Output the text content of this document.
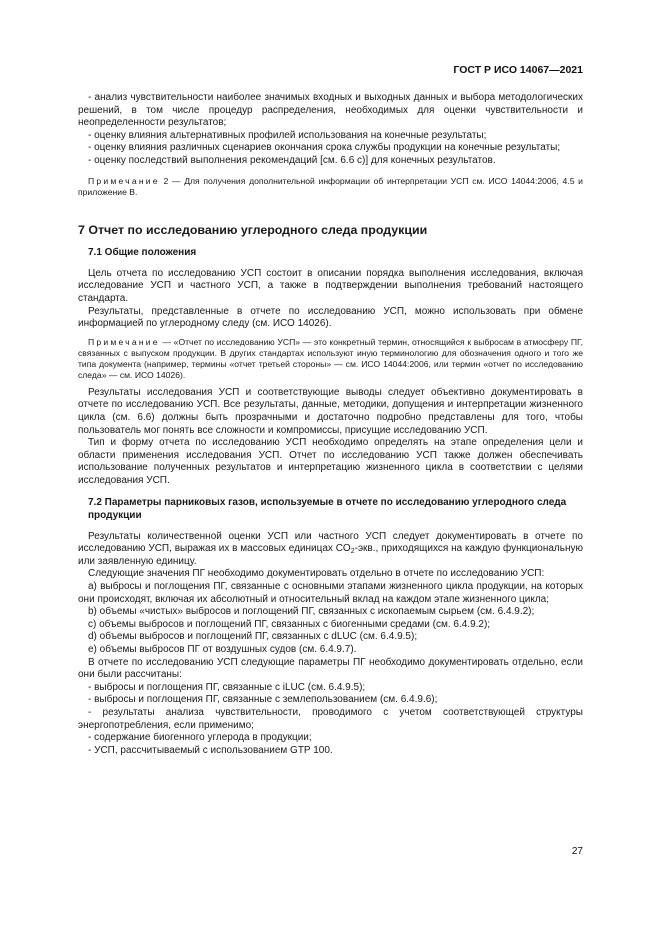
ГОСТ Р ИСО 14067—2021

- анализ чувствительности наиболее значимых входных и выходных данных и выбора методологических решений, в том числе процедур распределения, необходимых для оценки чувствительности и неопределенности результатов;

- оценку влияния альтернативных профилей использования на конечные результаты;

- оценку влияния различных сценариев окончания срока службы продукции на конечные результаты;

- оценку последствий выполнения рекомендаций [см. 6.6 c)] для конечных результатов.

Примечание 2 — Для получения дополнительной информации об интерпретации УСП см. ИСО 14044:2006, 4.5 и приложение В.

7 Отчет по исследованию углеродного следа продукции
7.1 Общие положения

Цель отчета по исследованию УСП состоит в описании порядка выполнения исследования, включая исследование УСП и частного УСП, а также в подтверждении выполнения требований настоящего стандарта.

Результаты, представленные в отчете по исследованию УСП, можно использовать при обмене информацией по углеродному следу (см. ИСО 14026).

Примечание — «Отчет по исследованию УСП» — это конкретный термин, относящийся к выбросам в атмосферу ПГ, связанных с выпуском продукции. В других стандартах используют иную терминологию для обозначения одного и того же типа документа (например, термины «отчет третьей стороны» — см. ИСО 14044:2006, или термин «отчет по исследованию следа» — см. ИСО 14026).

Результаты исследования УСП и соответствующие выводы следует объективно документировать в отчете по исследованию УСП. Все результаты, данные, методики, допущения и интерпретации жизненного цикла (см. 6.6) должны быть прозрачными и достаточно подробно представлены для того, чтобы пользователь мог понять все сложности и компромиссы, присущие исследованию УСП.

Тип и форму отчета по исследованию УСП необходимо определять на этапе определения цели и области применения исследования УСП. Отчет по исследованию УСП также должен обеспечивать использование полученных результатов и интерпретацию жизненного цикла в соответствии с целями исследования УСП.

7.2 Параметры парниковых газов, используемые в отчете по исследованию углеродного следа продукции

Результаты количественной оценки УСП или частного УСП следует документировать в отчете по исследованию УСП, выражая их в массовых единицах $CO_2$-экв., приходящихся на каждую функциональную или заявленную единицу.

Следующие значения ПГ необходимо документировать отдельно в отчете по исследованию УСП:

а) выбросы и поглощения ПГ, связанные с основными этапами жизненного цикла продукции, на которых они происходят, включая их абсолютный и относительный вклад на каждом этапе жизненного цикла;

b) объемы «чистых» выбросов и поглощений ПГ, связанных с ископаемым сырьем (см. 6.4.9.2);

c) объемы выбросов и поглощений ПГ, связанных с биогенными средами (см. 6.4.9.2);

d) объемы выбросов и поглощений ПГ, связанных с dLUC (см. 6.4.9.5);

e) объемы выбросов ПГ от воздушных судов (см. 6.4.9.7).

В отчете по исследованию УСП следующие параметры ПГ необходимо документировать отдельно, если они были рассчитаны:

- выбросы и поглощения ПГ, связанные с iLUC (см. 6.4.9.5);

- выбросы и поглощения ПГ, связанные с землепользованием (см. 6.4.9.6);

- результаты анализа чувствительности, проводимого с учетом соответствующей структуры энергопотребления, если применимо;

- содержание биогенного углерода в продукции;

- УСП, рассчитываемый с использованием GTP 100.

27
